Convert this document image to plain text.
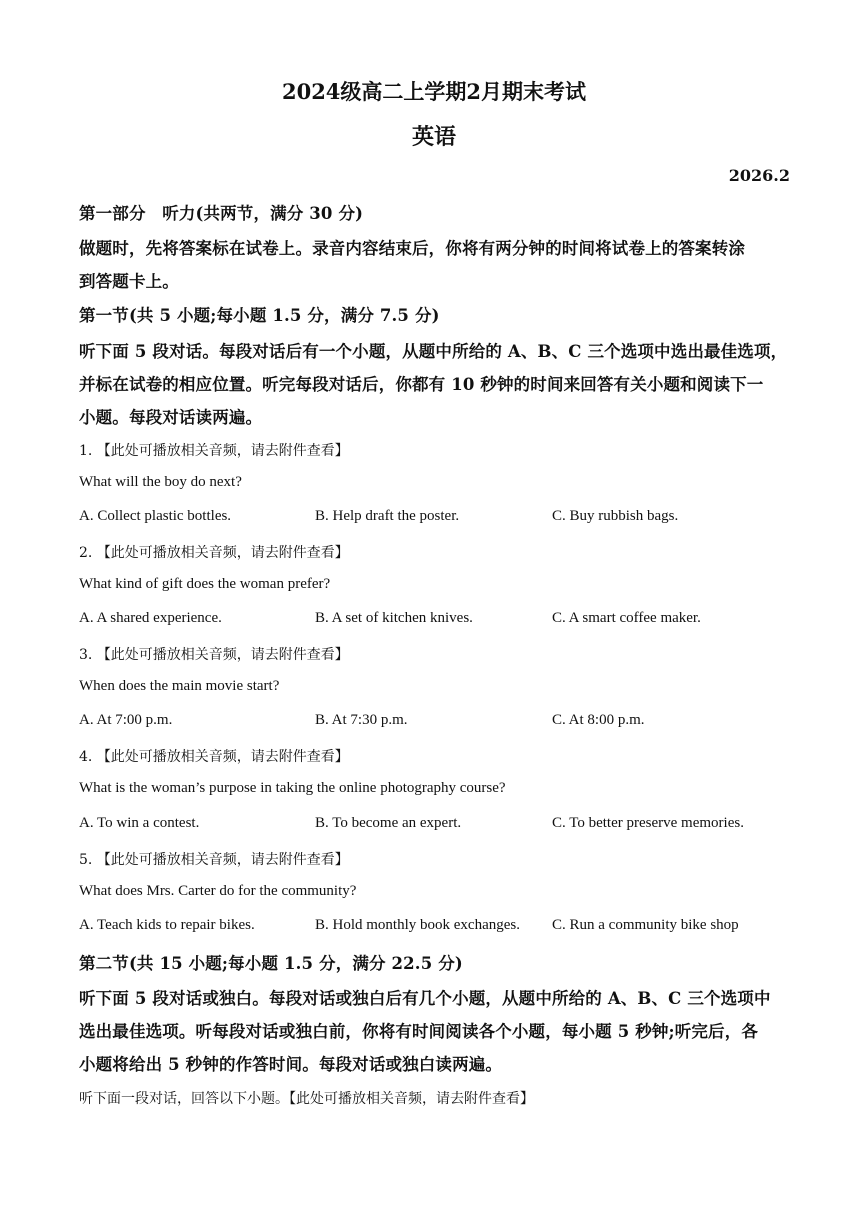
2024级高二上学期2月期末考试
英语
2026.2
第一部分　听力(共两节，满分 30 分)
做题时，先将答案标在试卷上。录音内容结束后，你将有两分钟的时间将试卷上的答案转涂
到答题卡上。
第一节(共 5 小题;每小题 1.5 分，满分 7.5 分)
听下面 5 段对话。每段对话后有一个小题，从题中所给的 A、B、C 三个选项中选出最佳选项，
并标在试卷的相应位置。听完每段对话后，你都有 10 秒钟的时间来回答有关小题和阅读下一
小题。每段对话读两遍。
1. 【此处可播放相关音频，请去附件查看】
What will the boy do next?
A. Collect plastic bottles.	B. Help draft the poster.	C. Buy rubbish bags.
2. 【此处可播放相关音频，请去附件查看】
What kind of gift does the woman prefer?
A. A shared experience.	B. A set of kitchen knives.	C. A smart coffee maker.
3. 【此处可播放相关音频，请去附件查看】
When does the main movie start?
A. At 7:00 p.m.	B. At 7:30 p.m.	C. At 8:00 p.m.
4. 【此处可播放相关音频，请去附件查看】
What is the woman’s purpose in taking the online photography course?
A. To win a contest.	B. To become an expert.	C. To better preserve memories.
5. 【此处可播放相关音频，请去附件查看】
What does Mrs. Carter do for the community?
A. Teach kids to repair bikes.	B. Hold monthly book exchanges. C. Run a community bike shop
第二节(共 15 小题;每小题 1.5 分，满分 22.5 分)
听下面 5 段对话或独白。每段对话或独白后有几个小题，从题中所给的 A、B、C 三个选项中
选出最佳选项。听每段对话或独白前，你将有时间阅读各个小题，每小题 5 秒钟;听完后，各
小题将给出 5 秒钟的作答时间。每段对话或独白读两遍。
听下面一段对话，回答以下小题。【此处可播放相关音频，请去附件查看】
